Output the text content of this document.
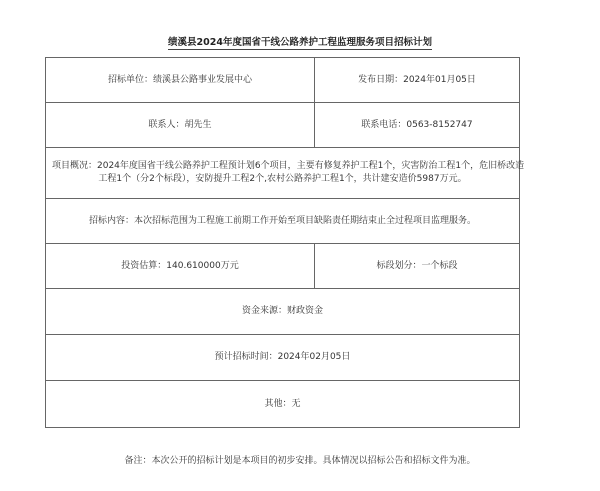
绩溪县2024年度国省干线公路养护工程监理服务项目招标计划
招标单位：绩溪县公路事业发展中心	发布日期：2024年01月05日
联系人：胡先生	联系电话：0563-8152747

项目概况：2024年度国省干线公路养护工程预计划6个项目，主要有修复养护工程1个，灾害防治工程1个，危旧桥改造
工程1个（分2个标段），安防提升工程2个,农村公路养护工程1个，共计建安造价5987万元。	

招标内容：本次招标范围为工程施工前期工作开始至项目缺陷责任期结束止全过程项目监理服务。	
投资估算：140.610000万元	标段划分：一个标段
资金来源：财政资金	
预计招标时间：2024年02月05日	
其他：无	
备注：本次公开的招标计划是本项目的初步安排。具体情况以招标公告和招标文件为准。
